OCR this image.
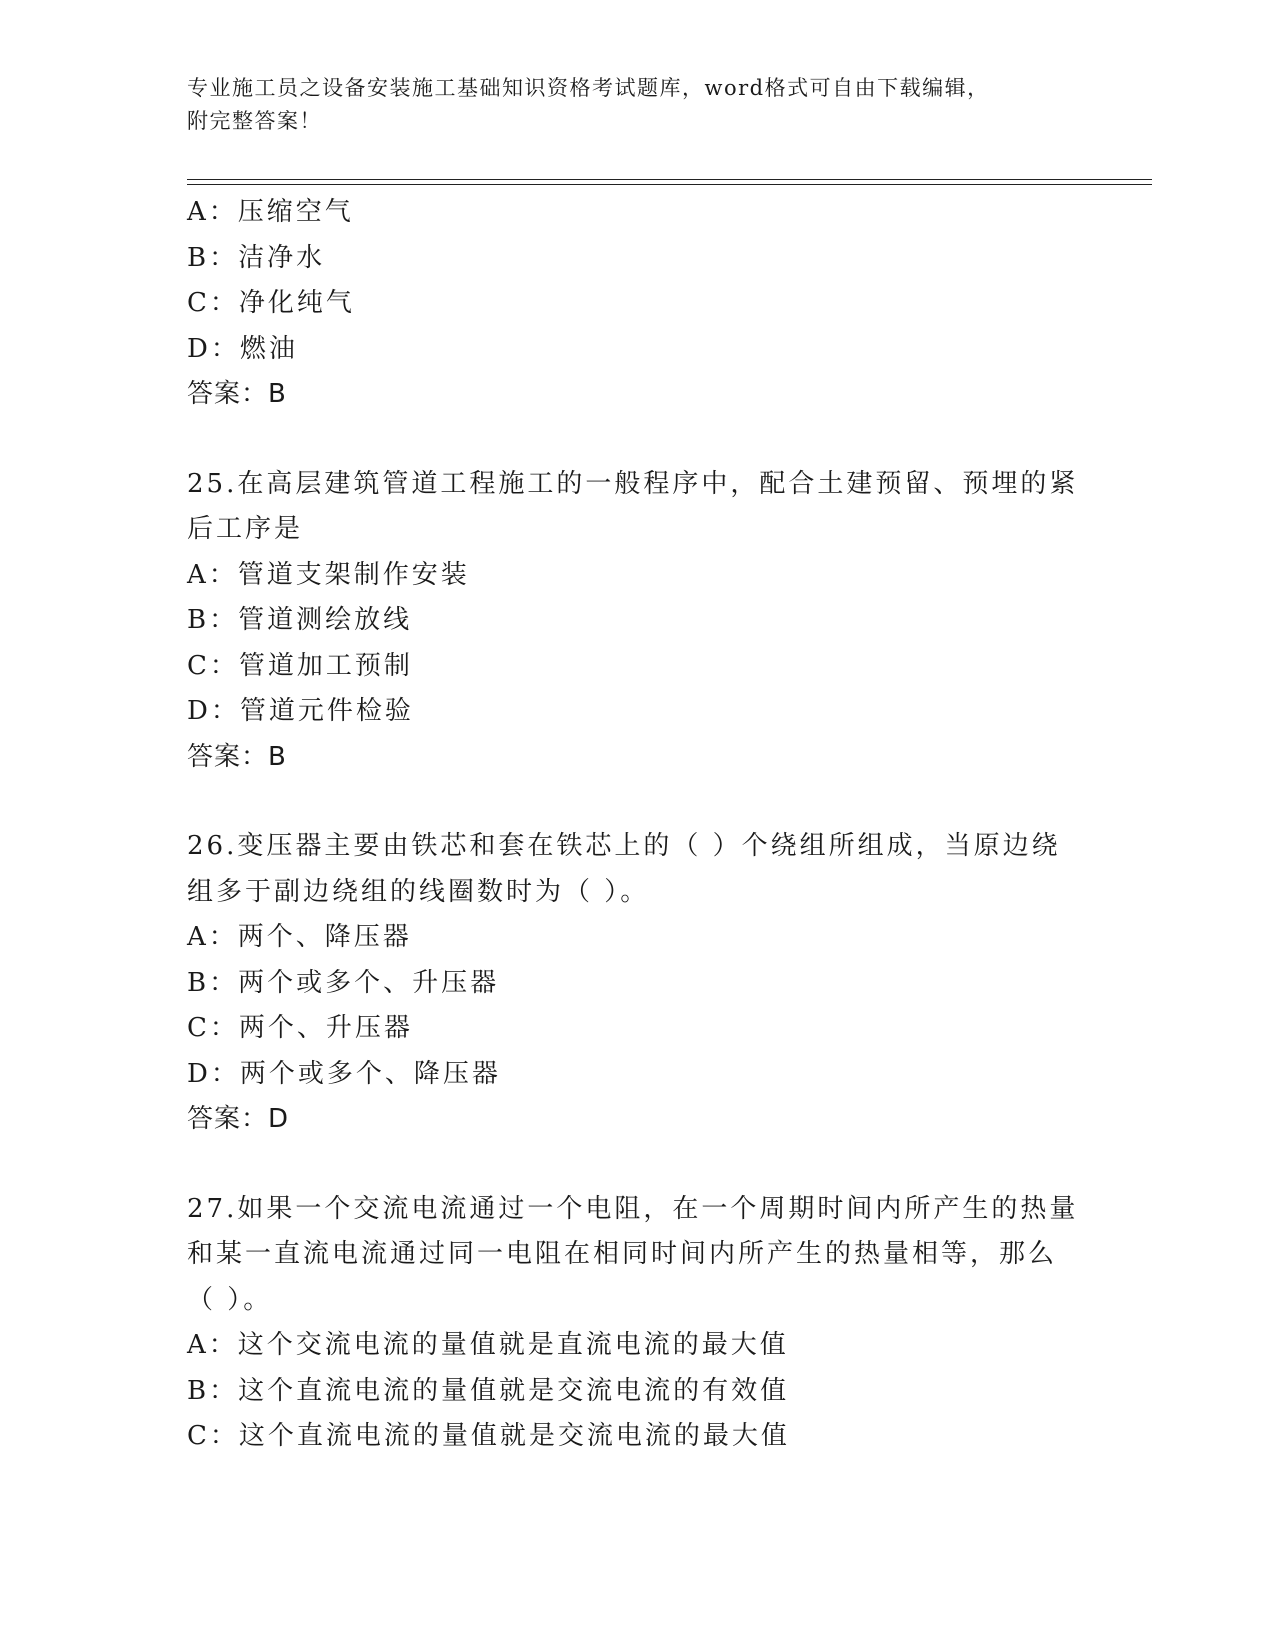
专业施工员之设备安装施工基础知识资格考试题库，word格式可自由下载编辑，
附完整答案！
A：压缩空气
B：洁净水
C：净化纯气
D：燃油
答案：B
25.在高层建筑管道工程施工的一般程序中，配合土建预留、预埋的紧
后工序是
A：管道支架制作安装
B：管道测绘放线
C：管道加工预制
D：管道元件检验
答案：B
26.变压器主要由铁芯和套在铁芯上的（ ）个绕组所组成，当原边绕
组多于副边绕组的线圈数时为（ ）。
A：两个、降压器
B：两个或多个、升压器
C：两个、升压器
D：两个或多个、降压器
答案：D
27.如果一个交流电流通过一个电阻，在一个周期时间内所产生的热量
和某一直流电流通过同一电阻在相同时间内所产生的热量相等，那么
（ ）。
A：这个交流电流的量值就是直流电流的最大值
B：这个直流电流的量值就是交流电流的有效值
C：这个直流电流的量值就是交流电流的最大值
